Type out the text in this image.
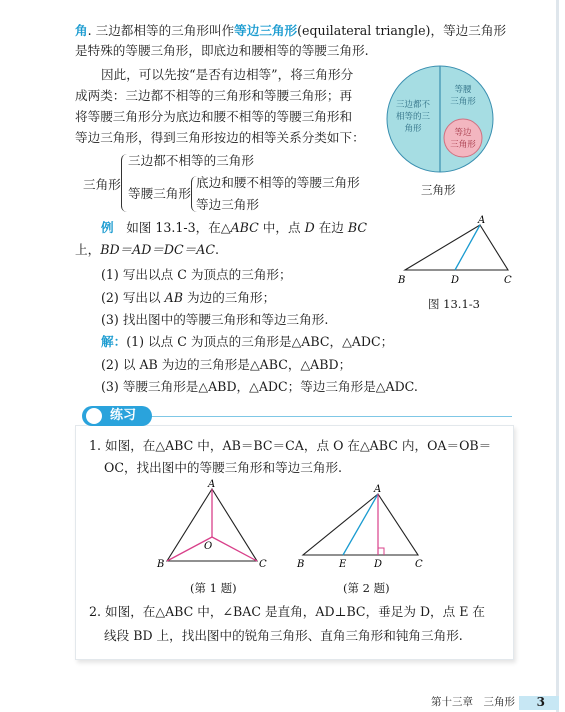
角. 三边都相等的三角形叫作等边三角形(equilateral triangle)，等边三角形
是特殊的等腰三角形，即底边和腰相等的等腰三角形.
因此，可以先按“是否有边相等”，将三角形分
成两类：三边都不相等的三角形和等腰三角形；再
将等腰三角形分为底边和腰不相等的等腰三角形和
等边三角形，得到三角形按边的相等关系分类如下：
三角形
三边都不相等的三角形
等腰三角形
底边和腰不相等的等腰三角形
等边三角形
三边都不
相等的三
角形
等腰
三角形
等边
三角形
三角形
例　 如图 13.1-3，在△ABC 中，点 D 在边 BC
上，BD＝AD＝DC＝AC.
(1) 写出以点 C 为顶点的三角形；
(2) 写出以 AB 为边的三角形；
(3) 找出图中的等腰三角形和等边三角形.
A
B	D	C
图 13.1-3
解：(1) 以点 C 为顶点的三角形是△ABC，△ADC；
(2) 以 AB 为边的三角形是△ABC，△ABD；
(3) 等腰三角形是△ABD，△ADC；等边三角形是△ADC.
练习
1. 如图，在△ABC 中，AB＝BC＝CA，点 O 在△ABC 内，OA＝OB＝
OC，找出图中的等腰三角形和等边三角形.
A
B	C
O
(第 1 题)
A
B	E	D	C
(第 2 题)
2. 如图，在△ABC 中，∠BAC 是直角，AD⊥BC，垂足为 D，点 E 在
线段 BD 上，找出图中的锐角三角形、直角三角形和钝角三角形.
第十三章　三角形 3
